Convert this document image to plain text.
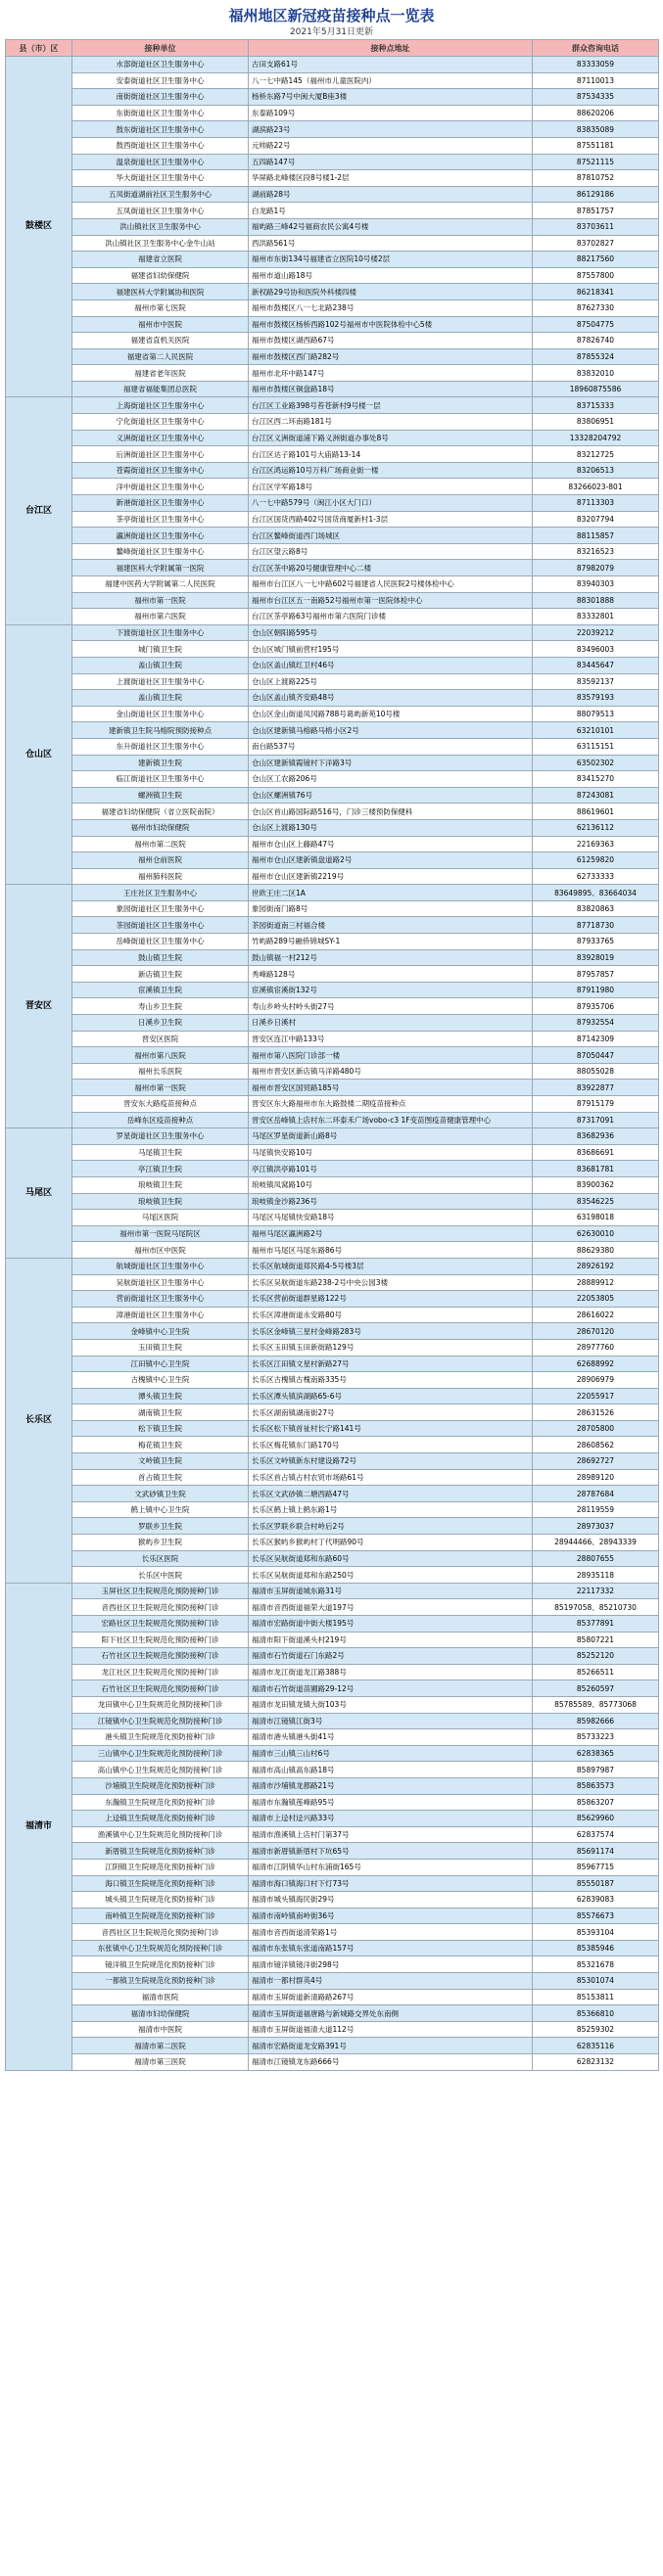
福州地区新冠疫苗接种点一览表
2021年5月31日更新
县（市）区	接种单位	接种点地址	群众咨询电话
鼓楼区	水部街道社区卫生服务中心	古田支路61号	83333059
	安泰街道社区卫生服务中心	八一七中路145（福州市儿童医院内）	87110013
	南街街道社区卫生服务中心	杨桥东路7号中闽大厦B座3楼	87534335
	东街街道社区卫生服务中心	东泰路109号	88620206
	鼓东街道社区卫生服务中心	湖滨路23号	83835089
	鼓西街道社区卫生服务中心	元帅路22号	87551181
	温泉街道社区卫生服务中心	五四路147号	87521115
	华大街道社区卫生服务中心	华屏路北峰楼区段8号楼1-2层	87810752
	五凤街道湖前社区卫生服务中心	湖前路28号	86129186
	五凤街道社区卫生服务中心	白龙路1号	87851757
	洪山镇社区卫生服务中心	福屿路三峰42号福商农民公寓4号楼	83703611
	洪山镇社区卫生服务中心金牛山站	西洪路561号	83702827
	福建省立医院	福州市东街134号福建省立医院10号楼2层	88217560
	福建省妇幼保健院	福州市道山路18号	87557800
	福建医科大学附属协和医院	新权路29号协和医院外科楼四楼	86218341
	福州市第七医院	福州市鼓楼区八一七北路238号	87627330
	福州市中医院	福州市鼓楼区杨桥西路102号福州市中医院体检中心5楼	87504775
	福建省直机关医院	福州市鼓楼区湖西路67号	87826740
	福建省第二人民医院	福州市鼓楼区西门路282号	87855324
	福建省老年医院	福州市北环中路147号	83832010
	福建省福能集团总医院	福州市鼓楼区铜盘路18号	18960875586
台江区	上海街道社区卫生服务中心	台江区工业路398号苔苍新村9号楼一层	83715333
	宁化街道社区卫生服务中心	台江区西二环南路181号	83806951
	义洲街道社区卫生服务中心	台江区义洲街道浦下路义洲街道办事处8号	13328204792
	后洲街道社区卫生服务中心	台江区达子路101号大庙路13-14	83212725
	苍霞街道社区卫生服务中心	台江区鸿运路10号万科广场商业街一楼	83206513
	洋中街道社区卫生服务中心	台江区学军路18号	83266023-801
	新港街道社区卫生服务中心	八一七中路579号（闽江小区大门口）	87113303
	茶亭街道社区卫生服务中心	台江区国货西路402号国货商厦新村1-3层	83207794
	瀛洲街道社区卫生服务中心	台江区鳌峰街道西门场城区	88115857
	鳌峰街道社区卫生服务中心	台江区望云路8号	83216523
	福建医科大学附属第一医院	台江区茶中路20号健康管理中心二楼	87982079
	福建中医药大学附属第二人民医院	福州市台江区八一七中路602号福建省人民医院2号楼体检中心	83940303
	福州市第一医院	福州市台江区五一南路52号福州市第一医院体检中心	88301888
	福州市第六医院	台江区茶亭路63号福州市第六医院门诊楼	83332801
仓山区	下渡街道社区卫生服务中心	仓山区朝阳路595号	22039212
	城门镇卫生院	仓山区城门镇前营村195号	83496003
	盖山镇卫生院	仓山区盖山镇红卫村46号	83445647
	上渡街道社区卫生服务中心	仓山区上渡路225号	83592137
	盖山镇卫生院	仓山区盖山镇齐安路48号	83579193
	金山街道社区卫生服务中心	仓山区金山街道凤冈路788号葛屿新苑10号楼	88079513
	建新镇卫生院马榕院预防接种点	仓山区建新镇马榕路马榕小区2号	63210101
	东升街道社区卫生服务中心	南台路537号	63115151
	建新镇卫生院	仓山区建新镇霞镜村下洋路3号	63502302
	临江街道社区卫生服务中心	仓山区工农路206号	83415270
	螺洲镇卫生院	仓山区螺洲镇76号	87243081
	福建省妇幼保健院（省立医院南院）	仓山区首山路国际路516号，门诊三楼预防保健科	88619601
	福州市妇幼保健院	仓山区上渡路130号	62136112
	福州市第二医院	福州市仓山区上藤路47号	22169363
	福州仓前医院	福州市仓山区建新镇盘道路2号	61259820
	福州肺科医院	福州市仓山区建新镇2219号	62733333
晋安区	王庄社区卫生服务中心	世欧王庄二区1A	83649895、83664034
	象园街道社区卫生服务中心	象园街南门路8号	83820863
	茶园街道社区卫生服务中心	茶园街道南三村福合楼	87718730
	岳峰街道社区卫生服务中心	竹屿路289号融侨锦城SY-1	87933765
	鼓山镇卫生院	鼓山镇福一村212号	83928019
	新店镇卫生院	秀峰路128号	87957857
	宦溪镇卫生院	宦溪镇宦溪街132号	87911980
	寿山乡卫生院	寿山乡岭头村岭头街27号	87935706
	日溪乡卫生院	日溪乡日溪村	87932554
	晋安区医院	晋安区连江中路133号	87142309
	福州市第八医院	福州市第八医院门诊部一楼	87050447
	福州长乐医院	福州市晋安区新店镇马洋路480号	88055028
	福州市第一医院	福州市晋安区国贸路185号	83922877
	晋安东大路疫苗接种点	晋安区东大路福州市东大路鼓楼二期疫苗接种点	87915179
	岳峰东区疫苗接种点	晋安区岳峰镇上店村东二环泰禾广场vobo-c3 1F变苗图疫苗健康管理中心	87317091
马尾区	罗星街道社区卫生服务中心	马尾区罗星街道新山路8号	83682936
	马尾镇卫生院	马尾镇快安路10号	83686691
	亭江镇卫生院	亭江镇洪亭路101号	83681781
	琅岐镇卫生院	琅岐镇凤窝路10号	83900362
	琅岐镇卫生院	琅岐镇金沙路236号	83546225
	马尾区医院	马尾区马尾镇快安路18号	63198018
	福州市第一医院马尾院区	福州马尾区瀛洲路2号	62630010
	福州市区中医院	福州市马尾区马尾东路86号	88629380
长乐区	航城街道社区卫生服务中心	长乐区航城街道郑民路4-5号楼3层	28926192
	吴航街道社区卫生服务中心	长乐区吴航街道东路238-2号中央公园3楼	28889912
	营前街道社区卫生服务中心	长乐区营前街道群星路122号	22053805
	漳港街道社区卫生服务中心	长乐区漳港街道永安路80号	28616022
	金峰镇中心卫生院	长乐区金峰镇三星村金峰路283号	28670120
	玉田镇卫生院	长乐区玉田镇玉田新街路129号	28977760
	江田镇中心卫生院	长乐区江田镇文星村新路27号	62688992
	古槐镇中心卫生院	长乐区古槐镇古槐南路335号	28906979
	潭头镇卫生院	长乐区潭头镇滨湖路65-6号	22055917
	湖南镇卫生院	长乐区湖南镇湖南街27号	28631526
	松下镇卫生院	长乐区松下镇首祉村长宁路141号	28705800
	梅花镇卫生院	长乐区梅花镇东门路170号	28608562
	文岭镇卫生院	长乐区文岭镇新东村建设路72号	28692727
	首占镇卫生院	长乐区首占镇占村农贸市场路61号	28989120
	文武砂镇卫生院	长乐区文武砂镇二塘西路47号	28787684
	鹤上镇中心卫生院	长乐区鹤上镇上鹤东路1号	28119559
	罗联乡卫生院	长乐区罗联乡联合村岭后2号	28973037
	猴屿乡卫生院	长乐区猴屿乡猴屿村丁代明路90号	28944466、28943339
	长乐区医院	长乐区吴航街道郑和东路60号	28807655
	长乐区中医院	长乐区吴航街道郑和东路250号	28935118
福清市	玉屏社区卫生院规范化预防接种门诊	福清市玉屏街道城东路31号	22117332
	音西社区卫生院规范化预防接种门诊	福清市音西街道福荣大道197号	85197058、85210730
	宏路社区卫生院规范化预防接种门诊	福清市宏路街道中街大楼195号	85377891
	阳下社区卫生院规范化预防接种门诊	福清市阳下街道溪头村219号	85807221
	石竹社区卫生院规范化预防接种门诊	福清市石竹街道石门东路2号	85252120
	龙江社区卫生院规范化预防接种门诊	福清市龙江街道龙江路388号	85266511
	石竹社区卫生院规范化预防接种门诊	福清市石竹街道苗圃路29-12号	85260597
	龙田镇中心卫生院规范化预防接种门诊	福清市龙田镇龙镇大街103号	85785589、85773068
	江镜镇中心卫生院规范化预防接种门诊	福清市江镜镇江街3号	85982666
	港头镇卫生院规范化预防接种门诊	福清市港头镇港头街41号	85733223
	三山镇中心卫生院规范化预防接种门诊	福清市三山镇三山村6号	62838365
	高山镇中心卫生院规范化预防接种门诊	福清市高山镇高东路18号	85897987
	沙埔镇卫生院规范化预防接种门诊	福清市沙埔镇龙都路21号	85863573
	东瀚镇卫生院规范化预防接种门诊	福清市东瀚镇莲峰路95号	85863207
	上迳镇卫生院规范化预防接种门诊	福清市上迳村迳兴路33号	85629960
	渔溪镇中心卫生院规范化预防接种门诊	福清市渔溪镇上店村门第37号	62837574
	新厝镇卫生院规范化预防接种门诊	福清市新厝镇新厝村下坑65号	85691174
	江阴镇卫生院规范化预防接种门诊	福清市江阴镇华山村东浦街165号	85967715
	海口镇卫生院规范化预防接种门诊	福清市海口镇海口村下灯73号	85550187
	城头镇卫生院规范化预防接种门诊	福清市城头镇海民街29号	62839083
	南岭镇卫生院规范化预防接种门诊	福清市南岭镇南岭街36号	85576673
	音西社区卫生院规范化预防接种门诊	福清市音西街道清荣路1号	85393104
	东张镇中心卫生院规范化预防接种门诊	福清市东张镇东张道南路157号	85385946
	镜洋镇卫生院规范化预防接种门诊	福清市镜洋镇镜洋街298号	85321678
	一都镇卫生院规范化预防接种门诊	福清市一都村群英4号	85301074
	福清市医院	福清市玉屏街道新清路路267号	85153811
	福清市妇幼保健院	福清市玉屏街道福唐路与新城路交界处东南侧	85366810
	福清市中医院	福清市玉屏街道福清大道112号	85259302
	福清市第二医院	福清市宏路街道龙安路391号	62835116
	福清市第三医院	福清市江镜镇龙东路666号	62823132
